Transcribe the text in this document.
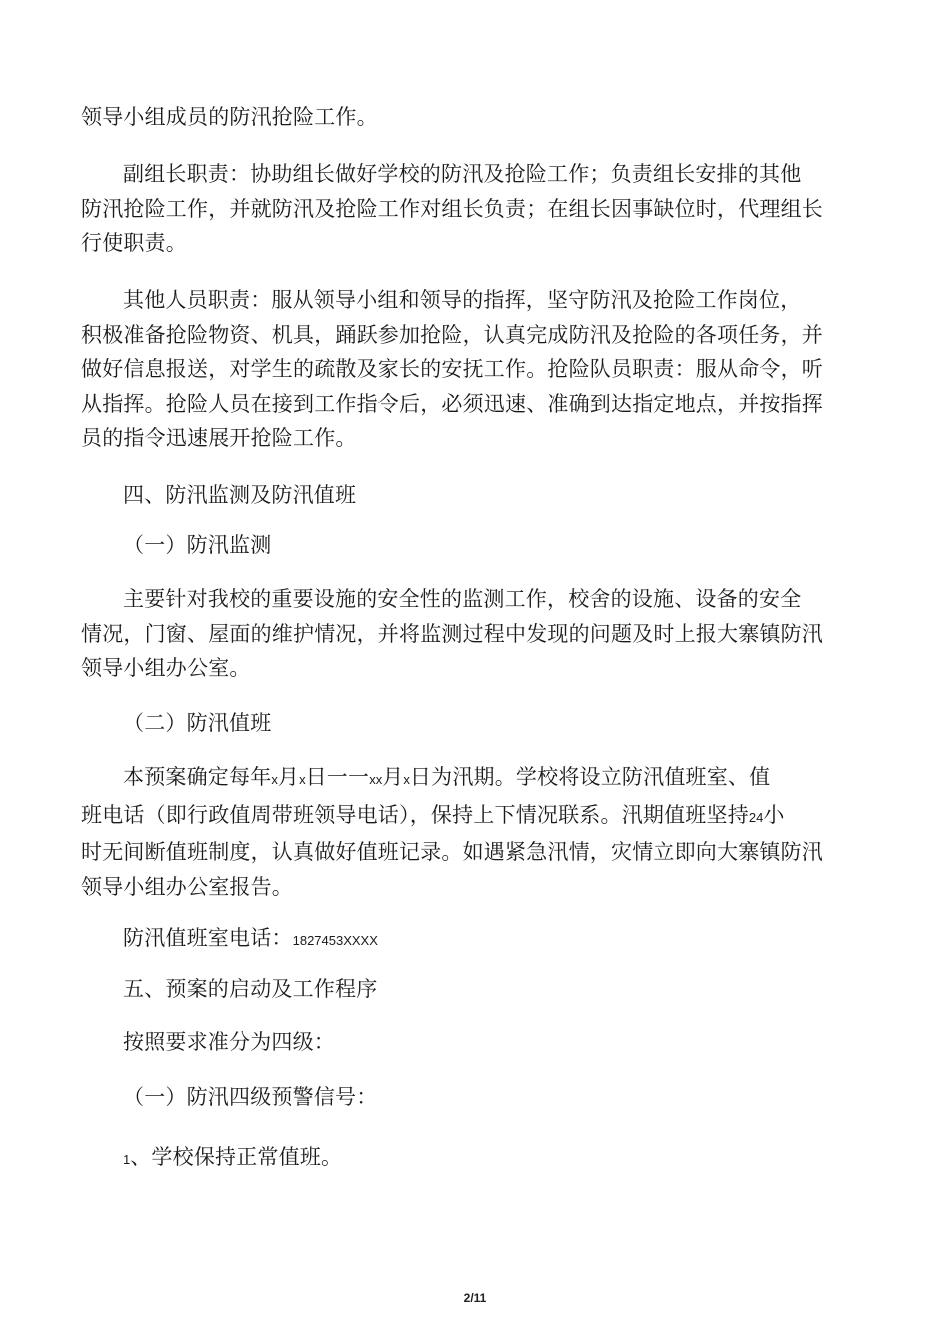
领导小组成员的防汛抢险工作。
副组长职责：协助组长做好学校的防汛及抢险工作；负责组长安排的其他
防汛抢险工作，并就防汛及抢险工作对组长负责；在组长因事缺位时，代理组长
行使职责。
其他人员职责：服从领导小组和领导的指挥，坚守防汛及抢险工作岗位，
积极准备抢险物资、机具，踊跃参加抢险，认真完成防汛及抢险的各项任务，并
做好信息报送，对学生的疏散及家长的安抚工作。抢险队员职责：服从命令，听
从指挥。抢险人员在接到工作指令后，必须迅速、准确到达指定地点，并按指挥
员的指令迅速展开抢险工作。
四、防汛监测及防汛值班
（一）防汛监测
主要针对我校的重要设施的安全性的监测工作，校舍的设施、设备的安全
情况，门窗、屋面的维护情况，并将监测过程中发现的问题及时上报大寨镇防汛
领导小组办公室。
（二）防汛值班
本预案确定每年x月x日一一xx月x日为汛期。学校将设立防汛值班室、值
班电话（即行政值周带班领导电话），保持上下情况联系。汛期值班坚持24小
时无间断值班制度，认真做好值班记录。如遇紧急汛情，灾情立即向大寨镇防汛
领导小组办公室报告。
防汛值班室电话：1827453XXXX
五、预案的启动及工作程序
按照要求准分为四级：
（一）防汛四级预警信号：
1、学校保持正常值班。
2/11
